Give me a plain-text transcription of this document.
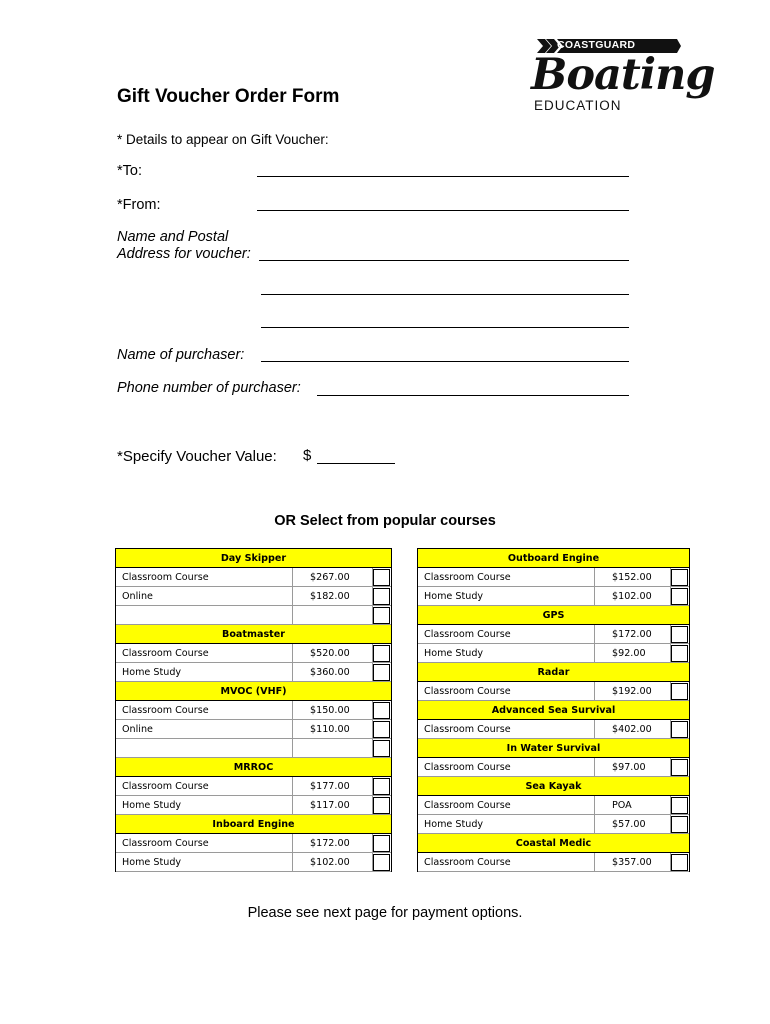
COASTGUARD
Boating
EDUCATION
Gift Voucher Order Form
* Details to appear on Gift Voucher:
*To:
*From:
Name and Postal
Address for voucher:
Name of purchaser:
Phone number of purchaser:
*Specify Voucher Value: $
OR Select from popular courses
Day Skipper
Classroom Course	$267.00
Online	$182.00
Boatmaster
Classroom Course	$520.00
Home Study	$360.00
MVOC (VHF)
Classroom Course	$150.00
Online	$110.00
MRROC
Classroom Course	$177.00
Home Study	$117.00
Inboard Engine
Classroom Course	$172.00
Home Study	$102.00
Outboard Engine
Classroom Course	$152.00
Home Study	$102.00
GPS
Classroom Course	$172.00
Home Study	$92.00
Radar
Classroom Course	$192.00
Advanced Sea Survival
Classroom Course	$402.00
In Water Survival
Classroom Course	$97.00
Sea Kayak
Classroom Course	POA
Home Study	$57.00
Coastal Medic
Classroom Course	$357.00
Please see next page for payment options.
